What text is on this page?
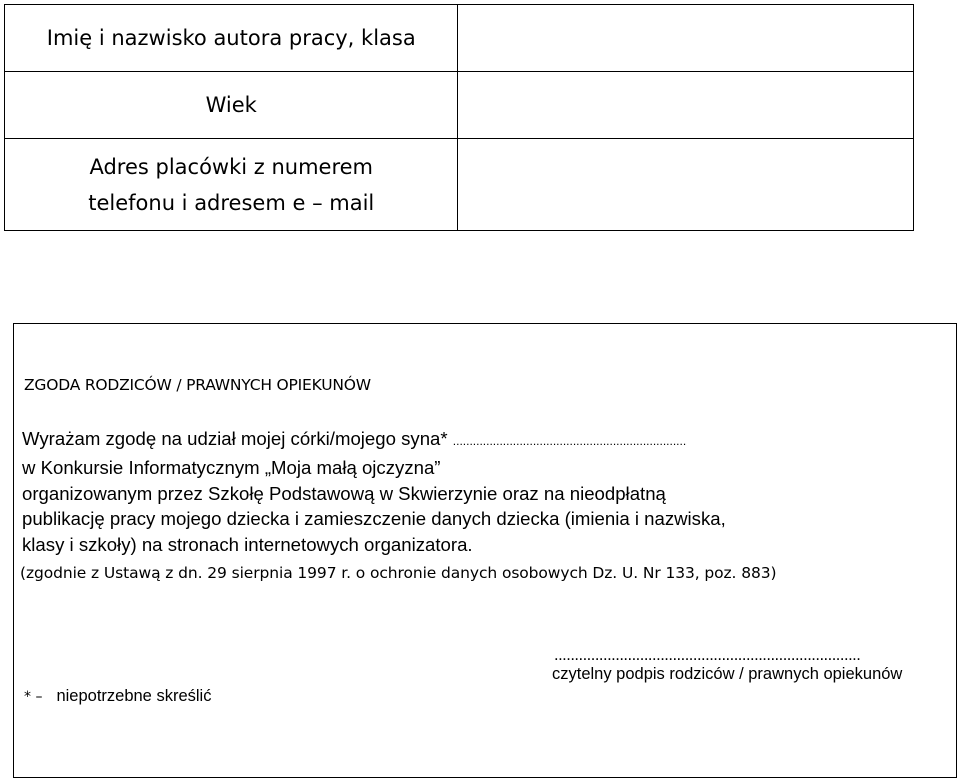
Imię i nazwisko autora pracy, klasa	
Wiek	

Adres placówki z numerem
telefonu i adresem e – mail	

ZGODA RODZICÓW / PRAWNYCH OPIEKUNÓW
Wyrażam zgodę na udział mojej córki/mojego syna* ......................................................................
w Konkursie Informatycznym „Moja małą ojczyzna”
organizowanym przez Szkołę Podstawową w Skwierzynie oraz na nieodpłatną
publikację pracy mojego dziecka i zamieszczenie danych dziecka (imienia i nazwiska,
klasy i szkoły) na stronach internetowych organizatora.
(zgodnie z Ustawą z dn. 29 sierpnia 1997 r. o ochronie danych osobowych Dz. U. Nr 133, poz. 883)
* – niepotrzebne skreślić
...........................................................................
czytelny podpis rodziców / prawnych opiekunów
